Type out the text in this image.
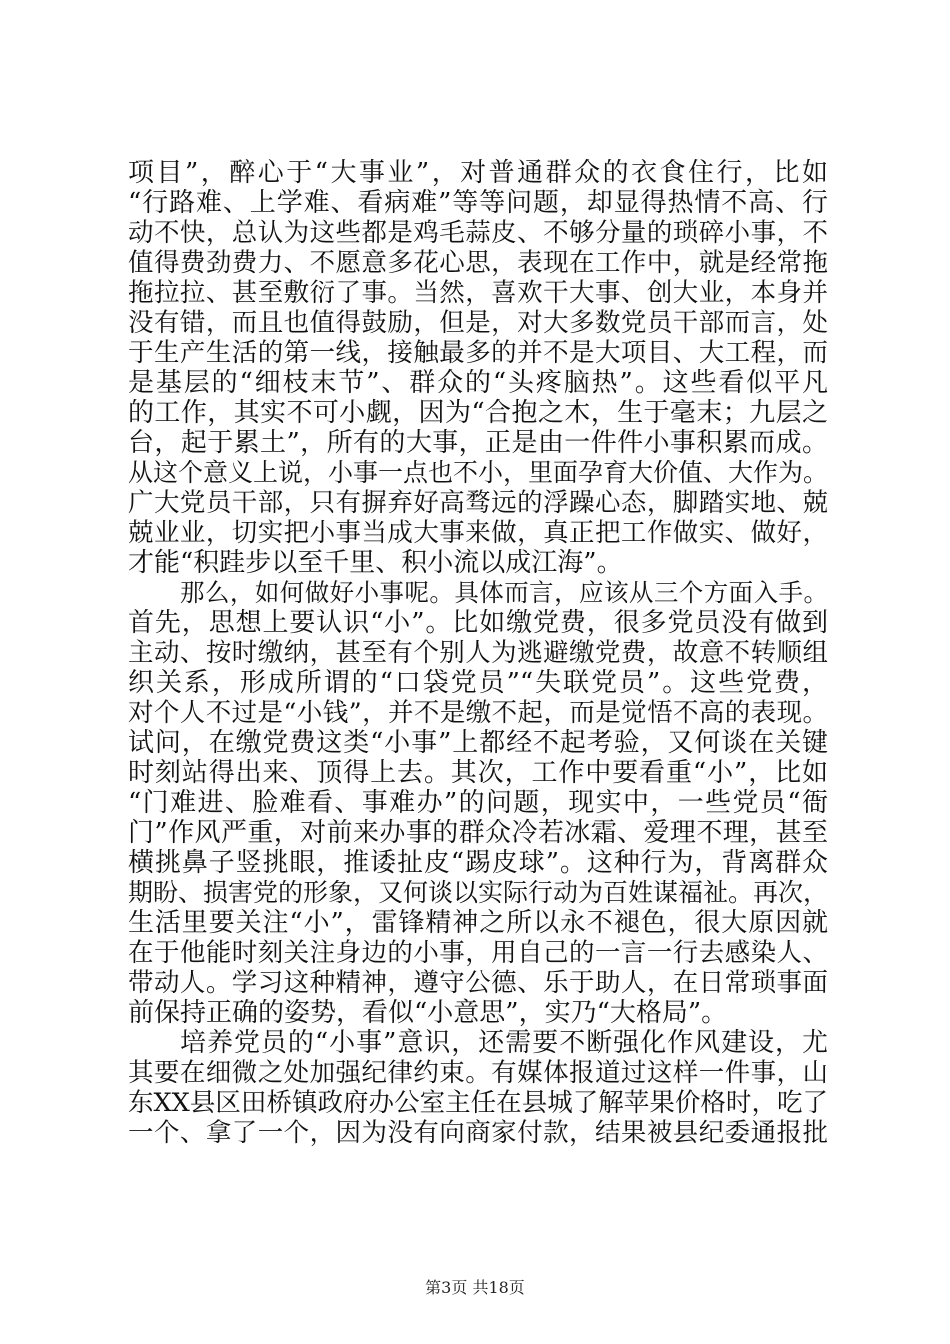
项目”，醉心于“大事业”，对普通群众的衣食住行，比如
“行路难、上学难、看病难”等等问题，却显得热情不高、行
动不快，总认为这些都是鸡毛蒜皮、不够分量的琐碎小事，不
值得费劲费力、不愿意多花心思，表现在工作中，就是经常拖
拖拉拉、甚至敷衍了事。当然，喜欢干大事、创大业，本身并
没有错，而且也值得鼓励，但是，对大多数党员干部而言，处
于生产生活的第一线，接触最多的并不是大项目、大工程，而
是基层的“细枝末节”、群众的“头疼脑热”。这些看似平凡
的工作，其实不可小觑，因为“合抱之木，生于毫末；九层之
台，起于累土”，所有的大事，正是由一件件小事积累而成。
从这个意义上说，小事一点也不小，里面孕育大价值、大作为。
广大党员干部，只有摒弃好高骛远的浮躁心态，脚踏实地、兢
兢业业，切实把小事当成大事来做，真正把工作做实、做好，
才能“积跬步以至千里、积小流以成江海”。
那么，如何做好小事呢。具体而言，应该从三个方面入手。
首先，思想上要认识“小”。比如缴党费，很多党员没有做到
主动、按时缴纳，甚至有个别人为逃避缴党费，故意不转顺组
织关系，形成所谓的“口袋党员”“失联党员”。这些党费，
对个人不过是“小钱”，并不是缴不起，而是觉悟不高的表现。
试问，在缴党费这类“小事”上都经不起考验，又何谈在关键
时刻站得出来、顶得上去。其次，工作中要看重“小”，比如
“门难进、脸难看、事难办”的问题，现实中，一些党员“衙
门”作风严重，对前来办事的群众冷若冰霜、爱理不理，甚至
横挑鼻子竖挑眼，推诿扯皮“踢皮球”。这种行为，背离群众
期盼、损害党的形象，又何谈以实际行动为百姓谋福祉。再次，
生活里要关注“小”，雷锋精神之所以永不褪色，很大原因就
在于他能时刻关注身边的小事，用自己的一言一行去感染人、
带动人。学习这种精神，遵守公德、乐于助人，在日常琐事面
前保持正确的姿势，看似“小意思”，实乃“大格局”。
培养党员的“小事”意识，还需要不断强化作风建设，尤
其要在细微之处加强纪律约束。有媒体报道过这样一件事，山
东XX县区田桥镇政府办公室主任在县城了解苹果价格时，吃了
一个、拿了一个，因为没有向商家付款，结果被县纪委通报批
第3页 共18页
